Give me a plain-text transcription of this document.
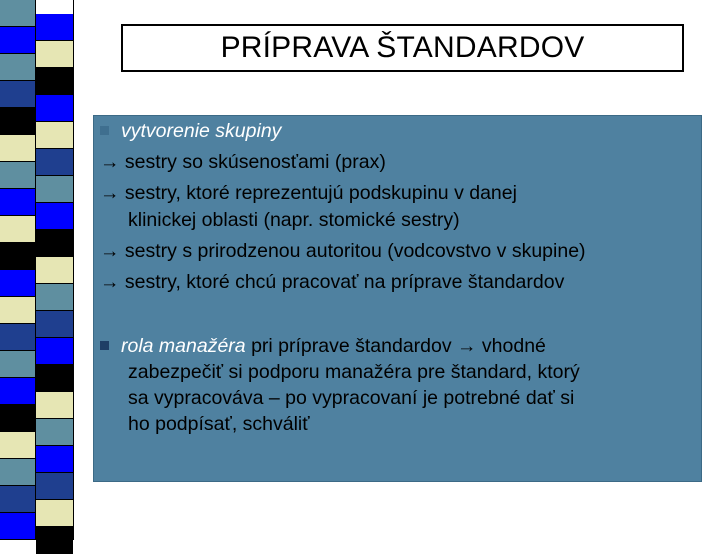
PRÍPRAVA ŠTANDARDOV
vytvorenie skupiny
→ sestry so skúsenosťami (prax)
→ sestry, ktoré reprezentujú podskupinu v danej
klinickej oblasti (napr. stomické sestry)
→ sestry s prirodzenou autoritou (vodcovstvo v skupine)
→ sestry, ktoré chcú pracovať na príprave štandardov
rola manažéra pri príprave štandardov → vhodné
zabezpečiť si podporu manažéra pre štandard, ktorý
sa vypracováva – po vypracovaní je potrebné dať si
ho podpísať, schváliť
